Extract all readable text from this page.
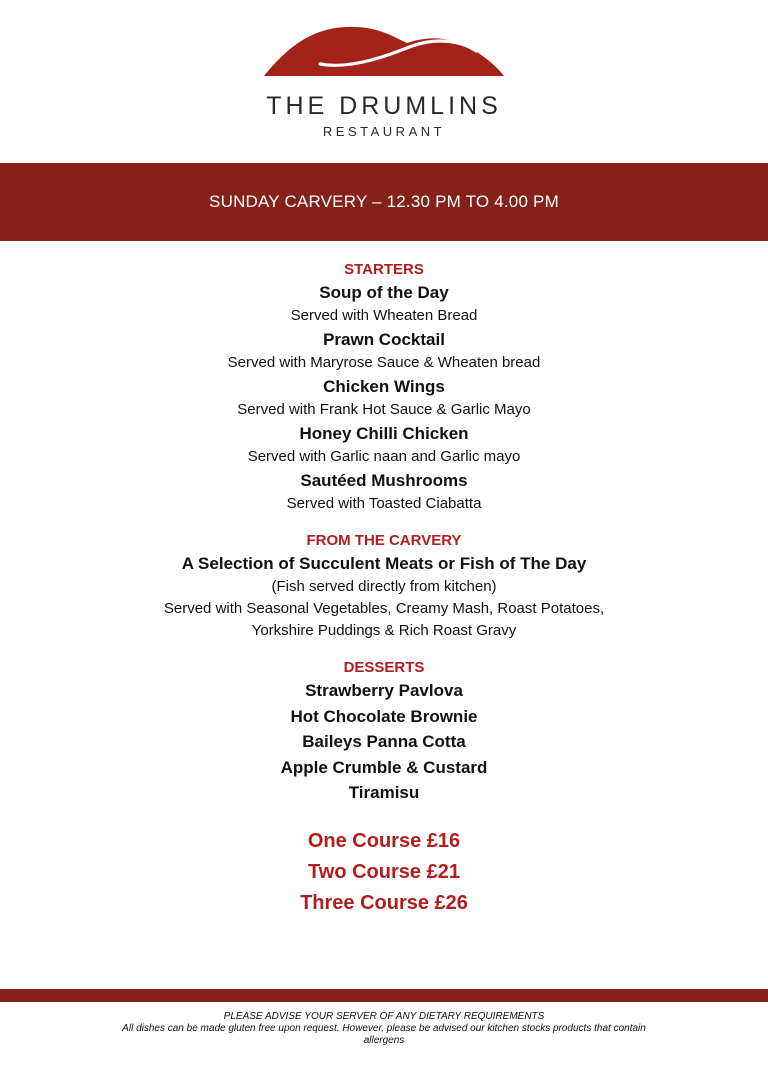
THE DRUMLINS
RESTAURANT
SUNDAY CARVERY – 12.30 PM TO 4.00 PM

STARTERS

Soup of the Day

Served with Wheaten Bread

Prawn Cocktail

Served with Maryrose Sauce & Wheaten bread

Chicken Wings

Served with Frank Hot Sauce & Garlic Mayo

Honey Chilli Chicken

Served with Garlic naan and Garlic mayo

Sautéed Mushrooms

Served with Toasted Ciabatta

FROM THE CARVERY

A Selection of Succulent Meats or Fish of The Day

(Fish served directly from kitchen)

Served with Seasonal Vegetables, Creamy Mash, Roast Potatoes,

Yorkshire Puddings & Rich Roast Gravy

DESSERTS

Strawberry Pavlova

Hot Chocolate Brownie

Baileys Panna Cotta

Apple Crumble & Custard

Tiramisu

One Course £16

Two Course £21

Three Course £26

PLEASE ADVISE YOUR SERVER OF ANY DIETARY REQUIREMENTS
All dishes can be made gluten free upon request. However, please be advised our kitchen stocks products that contain
allergens
